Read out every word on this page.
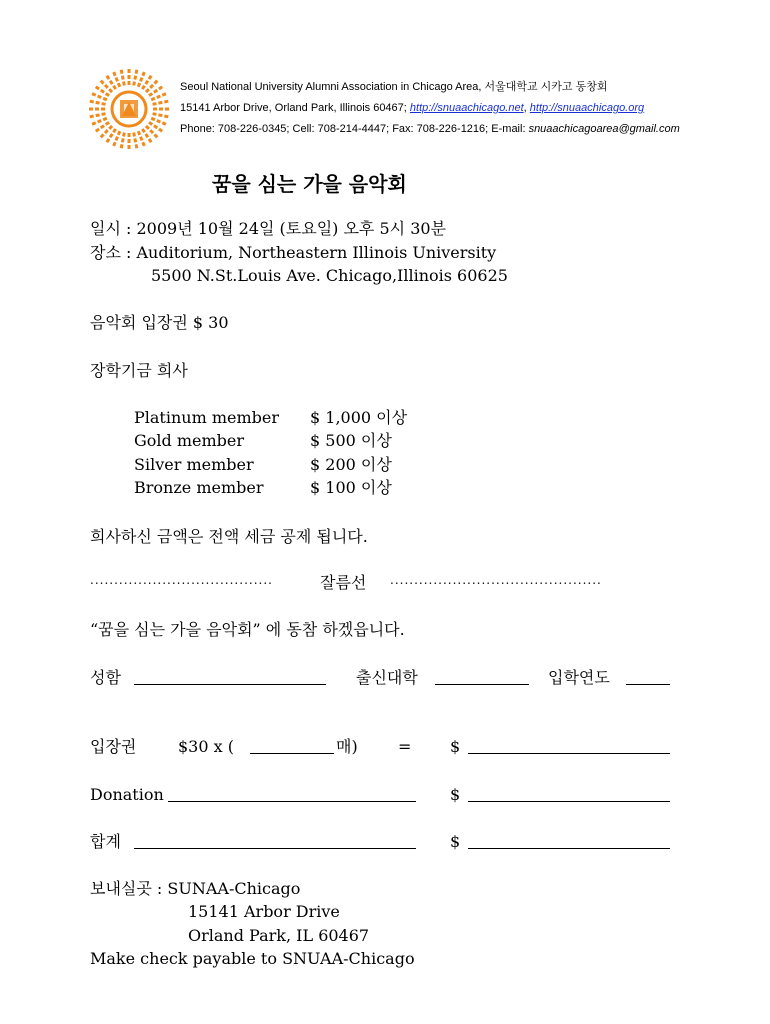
Seoul National University Alumni Association in Chicago Area, 서울대학교 시카고 동창회
15141 Arbor Drive, Orland Park, Illinois 60467; http://snuaachicago.net, http://snuaachicago.org
Phone: 708-226-0345; Cell: 708-214-4447; Fax: 708-226-1216; E-mail: snuaachicagoarea@gmail.com
꿈을 심는 가을 음악회
일시 : 2009년 10월 24일 (토요일) 오후 5시 30분
장소 : Auditorium, Northeastern Illinois University
5500 N.St.Louis Ave. Chicago,Illinois 60625
음악회 입장권 $ 30
장학기금 희사
Platinum member $ 1,000 이상
Gold member	$ 500 이상
Silver member	$ 200 이상
Bronze member	$ 100 이상
희사하신 금액은 전액 세금 공제 됩니다.
......................................	잘름선 ............................................
“꿈을 심는 가을 음악회” 에 동참 하겠읍니다.
성함	출신대학	입학연도
입장권	$30 x (	매)	= $
Donation	$
합계	$
보내실곳 : SUNAA-Chicago
15141 Arbor Drive
Orland Park, IL 60467
Make check payable to SNUAA-Chicago
